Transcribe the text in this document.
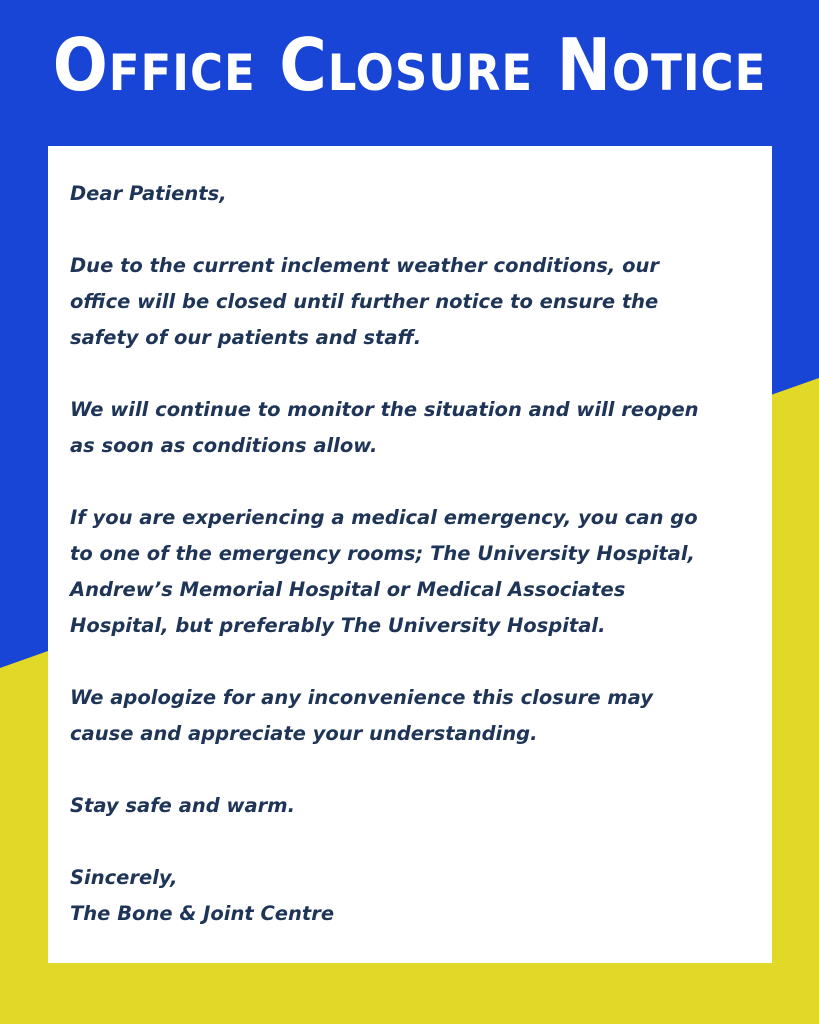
Office Closure Notice

Dear Patients,

Due to the current inclement weather conditions, our

office will be closed until further notice to ensure the

safety of our patients and staff.

We will continue to monitor the situation and will reopen

as soon as conditions allow.

If you are experiencing a medical emergency, you can go

to one of the emergency rooms; The University Hospital,

Andrew’s Memorial Hospital or Medical Associates

Hospital, but preferably The University Hospital.

We apologize for any inconvenience this closure may

cause and appreciate your understanding.

Stay safe and warm.

Sincerely,

The Bone & Joint Centre
